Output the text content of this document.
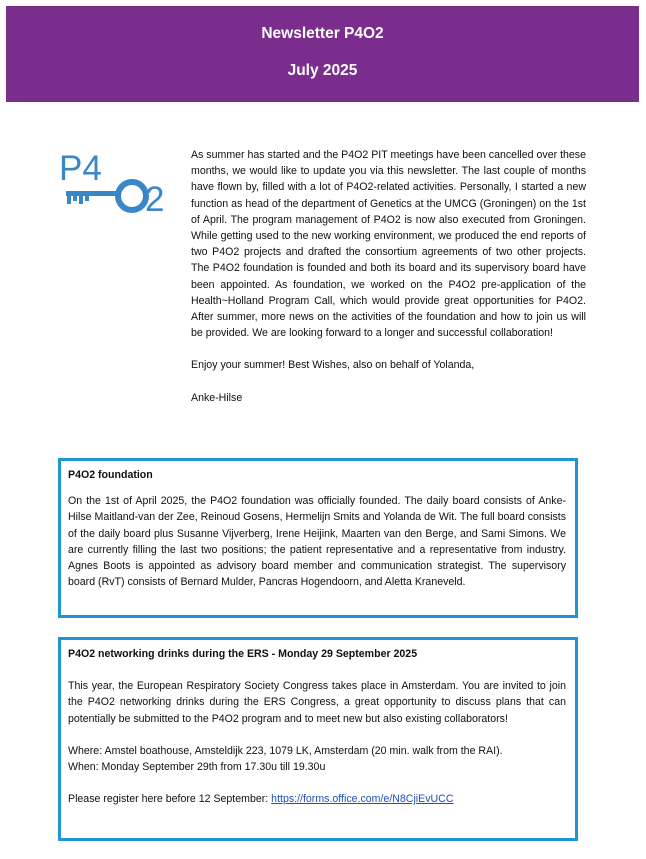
Newsletter P4O2
July 2025
P4
2

As summer has started and the P4O2 PIT meetings have been cancelled over these months, we would like to update you via this newsletter. The last couple of months have flown by, filled with a lot of P4O2-related activities. Personally, I started a new function as head of the department of Genetics at the UMCG (Groningen) on the 1st of April. The program management of P4O2 is now also executed from Groningen. While getting used to the new working environment, we produced the end reports of two P4O2 projects and drafted the consortium agreements of two other projects. The P4O2 foundation is founded and both its board and its supervisory board have been appointed. As foundation, we worked on the P4O2 pre-application of the Health~Holland Program Call, which would provide great opportunities for P4O2. After summer, more news on the activities of the foundation and how to join us will be provided. We are looking forward to a longer and successful collaboration!

Enjoy your summer! Best Wishes, also on behalf of Yolanda,

Anke-Hilse

P4O2 foundation

On the 1st of April 2025, the P4O2 foundation was officially founded. The daily board consists of Anke-Hilse Maitland-van der Zee, Reinoud Gosens, Hermelijn Smits and Yolanda de Wit. The full board consists of the daily board plus Susanne Vijverberg, Irene Heijink, Maarten van den Berge, and Sami Simons. We are currently filling the last two positions; the patient representative and a representative from industry. Agnes Boots is appointed as advisory board member and communication strategist. The supervisory board (RvT) consists of Bernard Mulder, Pancras Hogendoorn, and Aletta Kraneveld.

P4O2 networking drinks during the ERS - Monday 29 September 2025

This year, the European Respiratory Society Congress takes place in Amsterdam. You are invited to join the P4O2 networking drinks during the ERS Congress, a great opportunity to discuss plans that can potentially be submitted to the P4O2 program and to meet new but also existing collaborators!

Where: Amstel boathouse, Amsteldijk 223, 1079 LK, Amsterdam (20 min. walk from the RAI).

When: Monday September 29th from 17.30u till 19.30u

Please register here before 12 September: https://forms.office.com/e/N8CjiEvUCC
